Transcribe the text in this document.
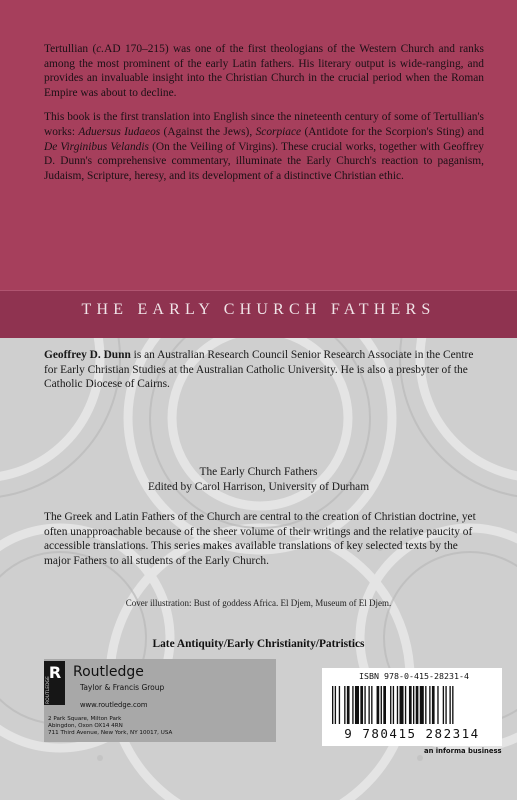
Tertullian (c.AD 170–215) was one of the first theologians of the Western Church and ranks among the most prominent of the early Latin fathers. His literary output is wide-ranging, and provides an invaluable insight into the Christian Church in the crucial period when the Roman Empire was about to decline.

This book is the first translation into English since the nineteenth century of some of Tertullian's works: Aduersus Iudaeos (Against the Jews), Scorpiace (Antidote for the Scorpion's Sting) and De Virginibus Velandis (On the Veiling of Virgins). These crucial works, together with Geoffrey D. Dunn's comprehensive commentary, illuminate the Early Church's reaction to paganism, Judaism, Scripture, heresy, and its development of a distinctive Christian ethic.

THE EARLY CHURCH FATHERS
Geoffrey D. Dunn is an Australian Research Council Senior Research Associate in the Centre for Early Christian Studies at the Australian Catholic University. He is also a presbyter of the Catholic Diocese of Cairns.
The Early Church Fathers
Edited by Carol Harrison, University of Durham
The Greek and Latin Fathers of the Church are central to the creation of Christian doctrine, yet often unapproachable because of the sheer volume of their writings and the relative paucity of accessible translations. This series makes available translations of key selected texts by the major Fathers to all students of the Early Church.
Cover illustration: Bust of goddess Africa. El Djem, Museum of El Djem.
Late Antiquity/Early Christianity/Patristics
R
ROUTLEDGE
Routledge
Taylor & Francis Group
www.routledge.com
2 Park Square, Milton Park
Abingdon, Oxon OX14 4RN
711 Third Avenue, New York, NY 10017, USA
ISBN 978-0-415-28231-4
9 780415 282314
an informa business
